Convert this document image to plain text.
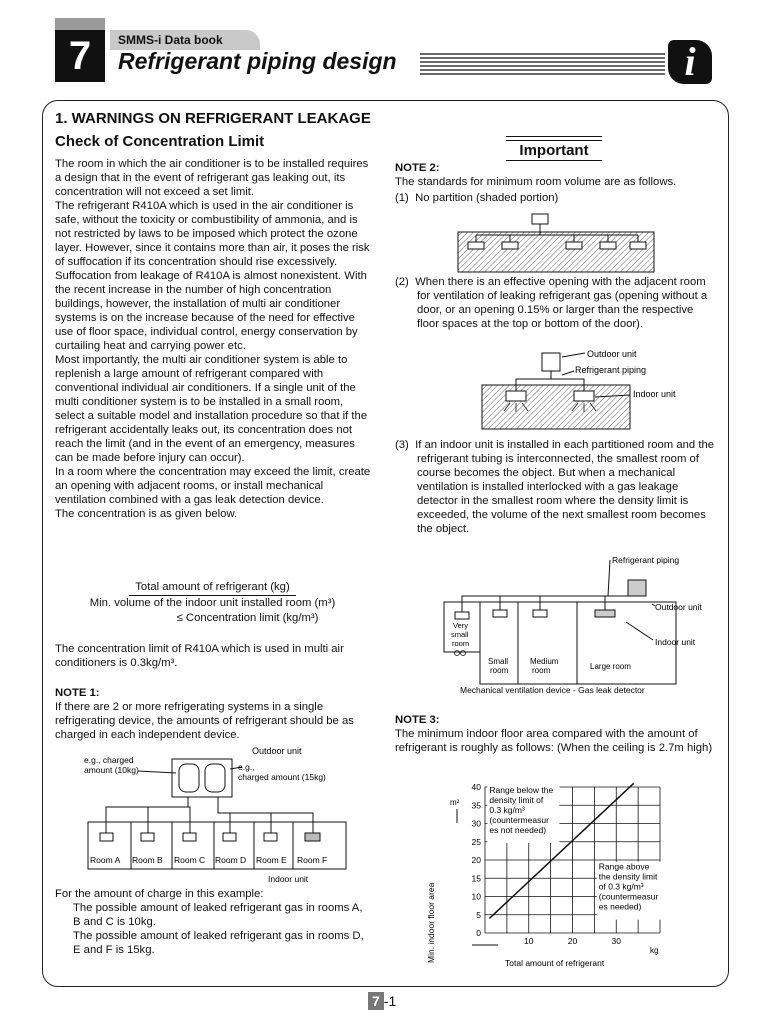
7	SMMS-i Data book
Refrigerant piping design	i
1. WARNINGS ON REFRIGERANT LEAKAGE
Check of Concentration Limit

The room in which the air conditioner is to be installed requires a design that in the event of refrigerant gas leaking out, its concentration will not exceed a set limit.

The refrigerant R410A which is used in the air conditioner is safe, without the toxicity or combustibility of ammonia, and is not restricted by laws to be imposed which protect the ozone layer. However, since it contains more than air, it poses the risk of suffocation if its concentration should rise excessively.

Suffocation from leakage of R410A is almost nonexistent. With the recent increase in the number of high concentration buildings, however, the installation of multi air conditioner systems is on the increase because of the need for effective use of floor space, individual control, energy conservation by curtailing heat and carrying power etc.

Most importantly, the multi air conditioner system is able to replenish a large amount of refrigerant compared with conventional individual air conditioners. If a single unit of the multi conditioner system is to be installed in a small room, select a suitable model and installation procedure so that if the refrigerant accidentally leaks out, its concentration does not reach the limit (and in the event of an emergency, measures can be made before injury can occur).

In a room where the concentration may exceed the limit, create an opening with adjacent rooms, or install mechanical ventilation combined with a gas leak detection device.

The concentration is as given below.

Total amount of refrigerant (kg)
Min. volume of the indoor unit installed room (m³)
≤ Concentration limit (kg/m³)

The concentration limit of R410A which is used in multi air conditioners is 0.3kg/m³.

NOTE 1:

If there are 2 or more refrigerating systems in a single refrigerating device, the amounts of refrigerant should be as charged in each independent device.

Outdoor unit
e.g., charged
amount (10kg)	e.g.,
charged amount (15kg)
Room A Room B Room C Room D Room E Room F
Indoor unit

For the amount of charge in this example:

The possible amount of leaked refrigerant gas in rooms A, B and C is 10kg.

The possible amount of leaked refrigerant gas in rooms D, E and F is 15kg.

Important

NOTE 2:

The standards for minimum room volume are as follows.

(1) No partition (shaded portion)

(2) When there is an effective opening with the adjacent room for ventilation of leaking refrigerant gas (opening without a door, or an opening 0.15% or larger than the respective floor spaces at the top or bottom of the door).

Outdoor unit
Refrigerant piping
Indoor unit

(3) If an indoor unit is installed in each partitioned room and the refrigerant tubing is interconnected, the smallest room of course becomes the object. But when a mechanical ventilation is installed interlocked with a gas leakage detector in the smallest room where the density limit is exceeded, the volume of the next smallest room becomes the object.

Refrigerant piping
Outdoor unit
Indoor unit
Very
small
room
Small
room
Medium
room	Large room
Mechanical ventilation device - Gas leak detector

NOTE 3:

The minimum indoor floor area compared with the amount of refrigerant is roughly as follows: (When the ceiling is 2.7m high)

0
5
10
15
20
25
30
35
40
10	20	30
Range below the
density limit of
0.3 kg/m³
(countermeasur
es not needed)
Range above
the density limit
of 0.3 kg/m³
(countermeasur
es needed)
m²
Min. indoor floor area	Total amount of refrigerant
kg
7 -1
